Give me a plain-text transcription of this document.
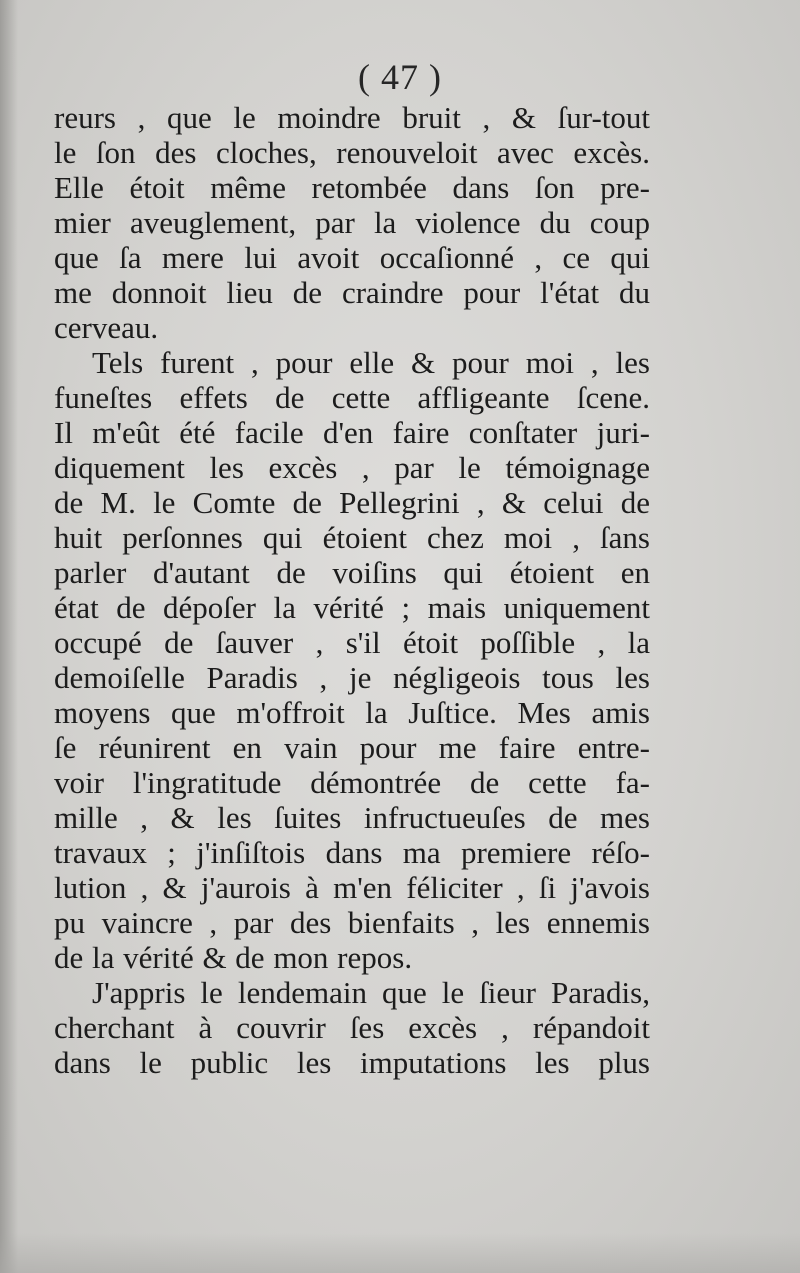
( 47 )
reurs , que le moindre bruit , & ſur-tout
le ſon des cloches, renouveloit avec excès.
Elle étoit même retombée dans ſon pre-
mier aveuglement, par la violence du coup
que ſa mere lui avoit occaſionné , ce qui
me donnoit lieu de craindre pour l'état du
cerveau.
Tels furent , pour elle & pour moi , les
funeſtes effets de cette affligeante ſcene.
Il m'eût été facile d'en faire conſtater juri-
diquement les excès , par le témoignage
de M. le Comte de Pellegrini , & celui de
huit perſonnes qui étoient chez moi , ſans
parler d'autant de voiſins qui étoient en
état de dépoſer la vérité ; mais uniquement
occupé de ſauver , s'il étoit poſſible , la
demoiſelle Paradis , je négligeois tous les
moyens que m'offroit la Juſtice. Mes amis
ſe réunirent en vain pour me faire entre-
voir l'ingratitude démontrée de cette fa-
mille , & les ſuites infructueuſes de mes
travaux ; j'inſiſtois dans ma premiere réſo-
lution , & j'aurois à m'en féliciter , ſi j'avois
pu vaincre , par des bienfaits , les ennemis
de la vérité & de mon repos.
J'appris le lendemain que le ſieur Paradis,
cherchant à couvrir ſes excès , répandoit
dans le public les imputations les plus
